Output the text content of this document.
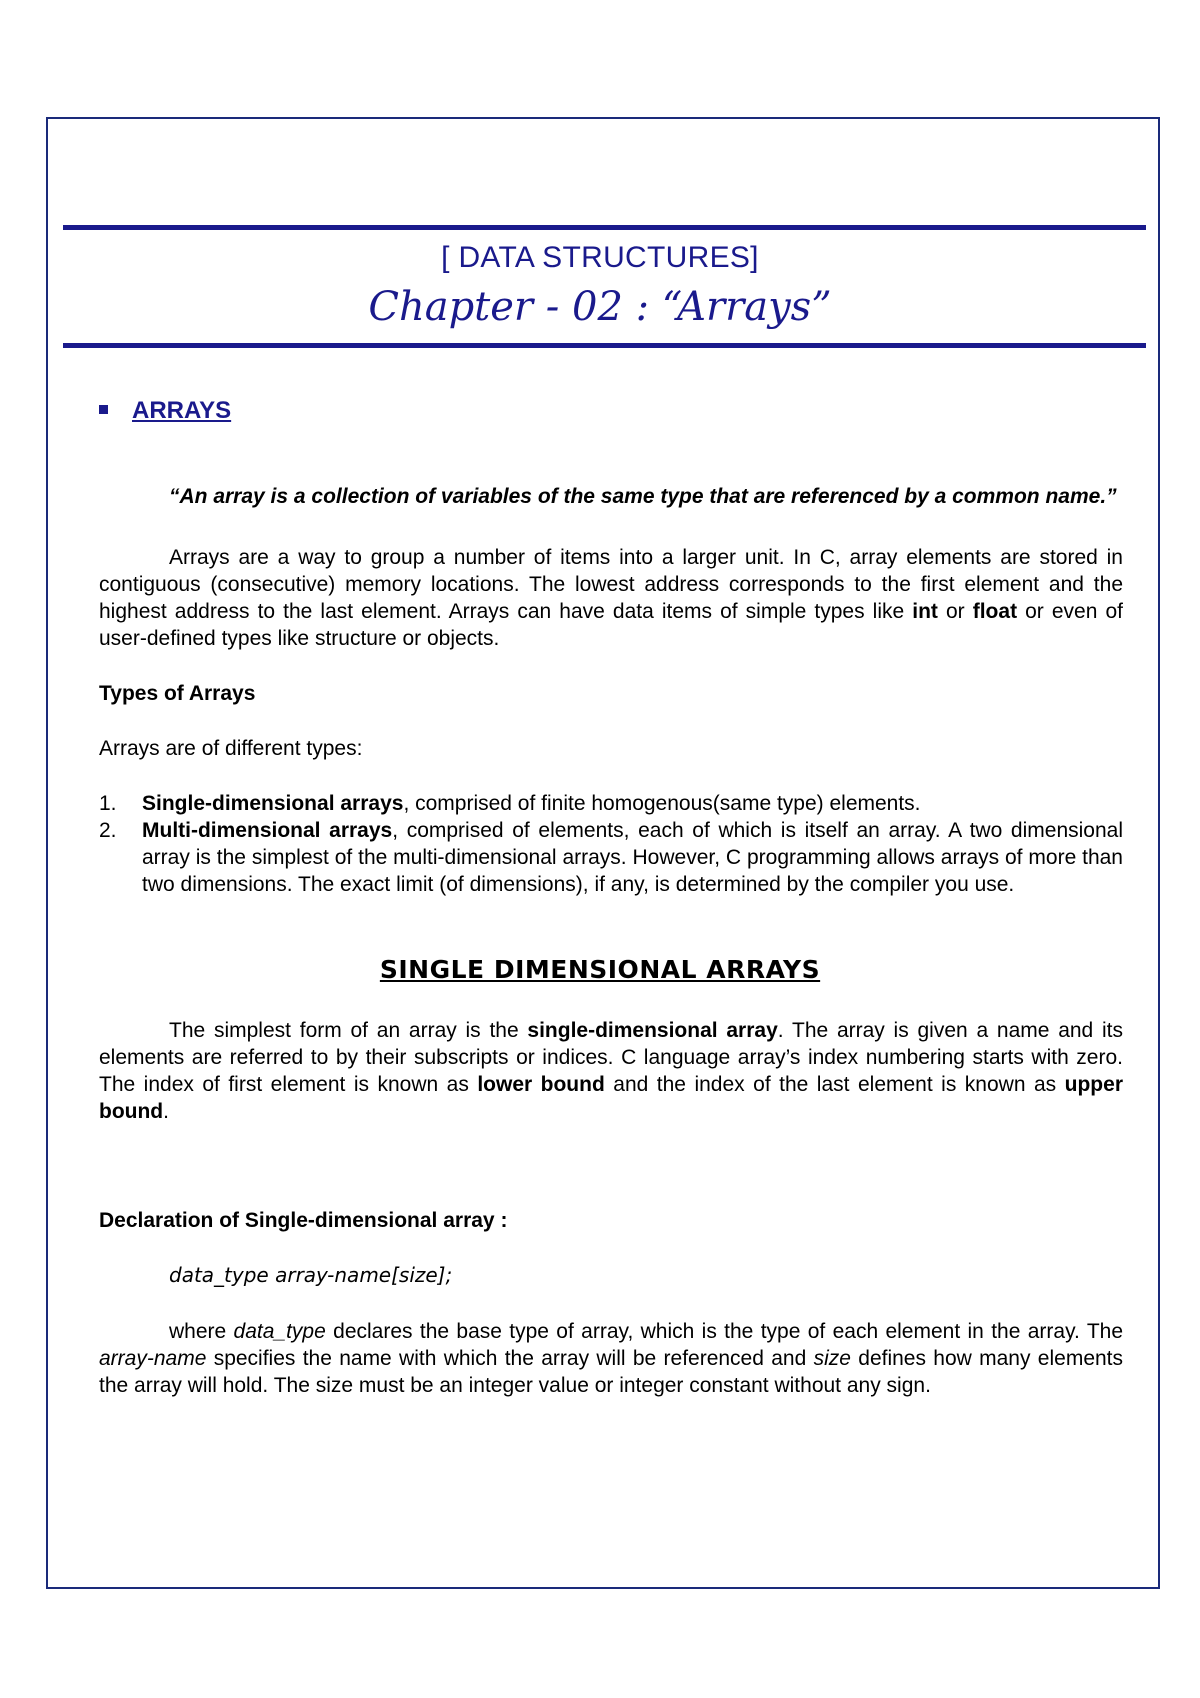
[ DATA STRUCTURES]
Chapter - 02 : “Arrays”
ARRAYS

“An array is a collection of variables of the same type that are referenced by a common name.”

Arrays are a way to group a number of items into a larger unit. In C, array elements are stored in contiguous (consecutive) memory locations. The lowest address corresponds to the first element and the highest address to the last element. Arrays can have data items of simple types like int or float or even of user-defined types like structure or objects.

Types of Arrays
Arrays are of different types:
1. Single-dimensional arrays, comprised of finite homogenous(same type) elements.
2. Multi-dimensional arrays, comprised of elements, each of which is itself an array. A two dimensional array is the simplest of the multi-dimensional arrays. However, C programming allows arrays of more than two dimensions. The exact limit (of dimensions), if any, is determined by the compiler you use.
SINGLE DIMENSIONAL ARRAYS

The simplest form of an array is the single-dimensional array. The array is given a name and its elements are referred to by their subscripts or indices. C language array’s index numbering starts with zero. The index of first element is known as lower bound and the index of the last element is known as upper bound.

Declaration of Single-dimensional array :
data_type array-name[size];

where data_type declares the base type of array, which is the type of each element in the array. The array-name specifies the name with which the array will be referenced and size defines how many elements the array will hold. The size must be an integer value or integer constant without any sign.
